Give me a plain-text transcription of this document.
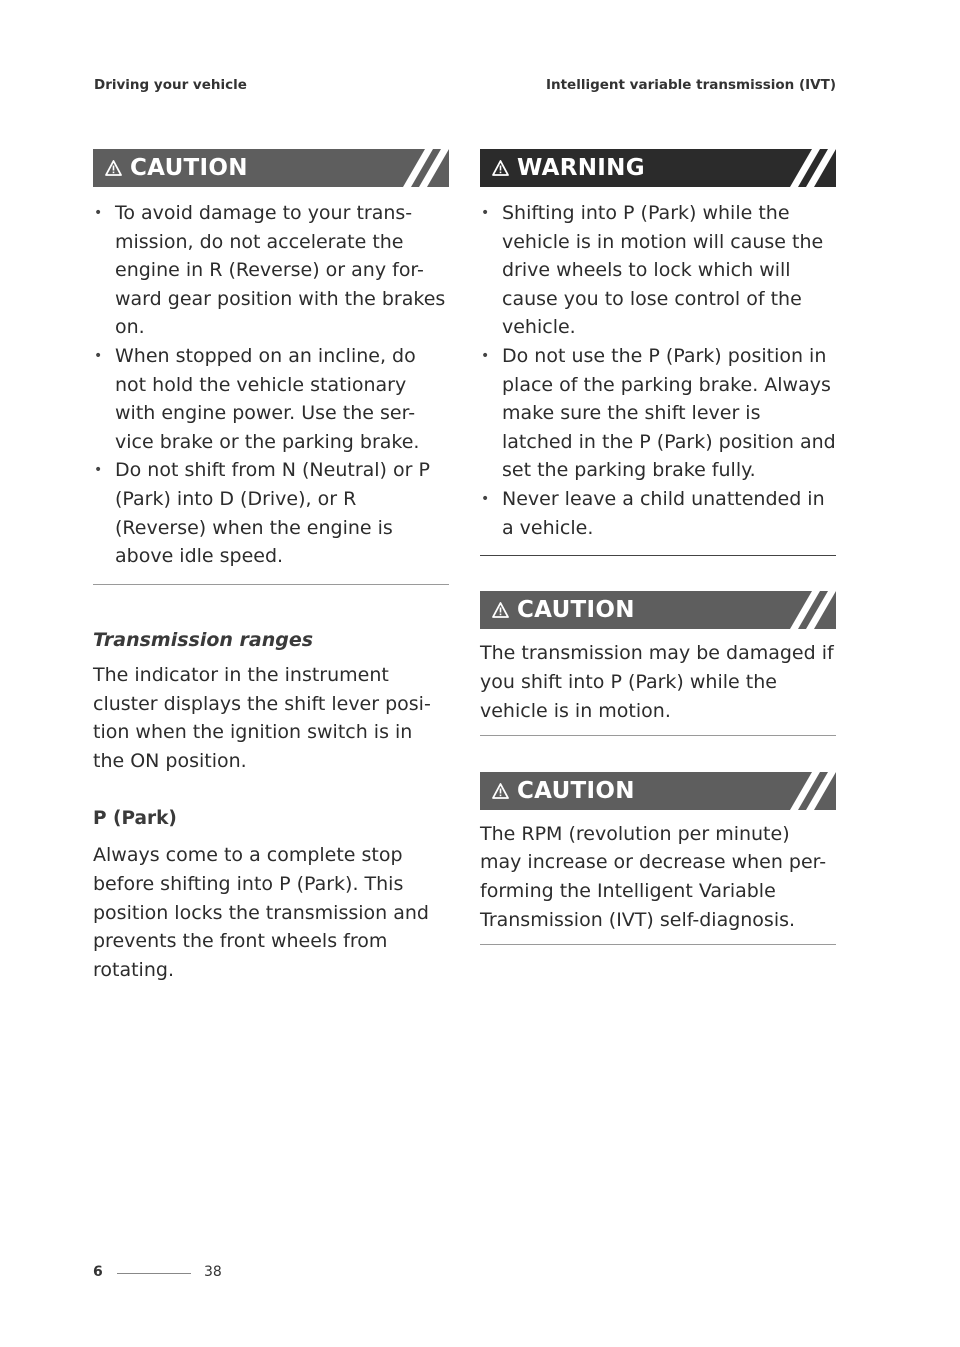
Driving your vehicle	Intelligent variable transmission (IVT)
CAUTION
• To avoid damage to your trans-mission, do not accelerate the engine in R (Reverse) or any for-ward gear position with the brakes on.
• When stopped on an incline, do not hold the vehicle stationary with engine power. Use the ser-vice brake or the parking brake.
• Do not shift from N (Neutral) or P (Park) into D (Drive), or R (Reverse) when the engine is above idle speed.

Transmission ranges

The indicator in the instrument cluster displays the shift lever posi-tion when the ignition switch is in the ON position.

P (Park)

Always come to a complete stop before shifting into P (Park). This position locks the transmission and prevents the front wheels from rotating.

WARNING
• Shifting into P (Park) while the vehicle is in motion will cause the drive wheels to lock which will cause you to lose control of the vehicle.
• Do not use the P (Park) position in place of the parking brake. Always make sure the shift lever is latched in the P (Park) position and set the parking brake fully.
• Never leave a child unattended in a vehicle.
CAUTION

The transmission may be damaged if you shift into P (Park) while the vehicle is in motion.

CAUTION

The RPM (revolution per minute) may increase or decrease when per-forming the Intelligent Variable Transmission (IVT) self-diagnosis.

6	38
